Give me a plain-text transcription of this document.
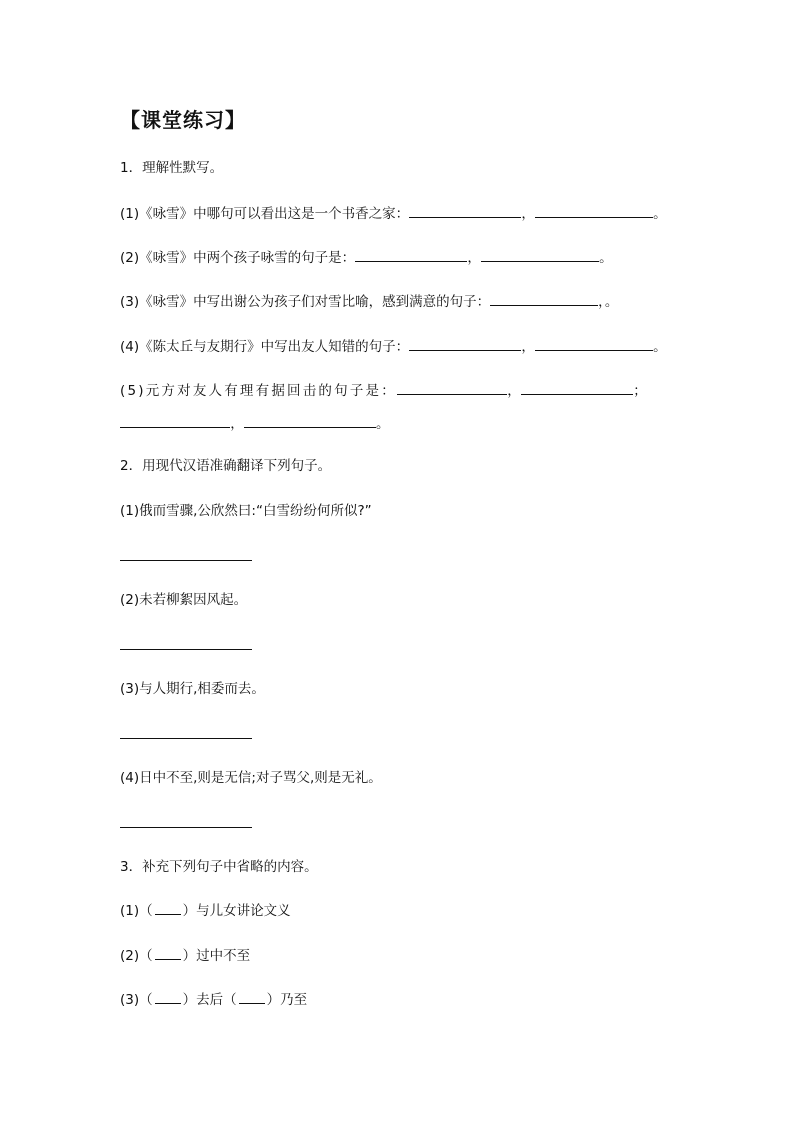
【课堂练习】
1．理解性默写。
(1)《咏雪》中哪句可以看出这是一个书香之家：	，	。
(2)《咏雪》中两个孩子咏雪的句子是：	，	。
(3)《咏雪》中写出谢公为孩子们对雪比喻，感到满意的句子：	，。
(4)《陈太丘与友期行》中写出友人知错的句子：	，	。
(5)元方对友人有理有据回击的句子是：	，	；
，	。
2．用现代汉语准确翻译下列句子。
(1)俄而雪骤,公欣然曰:“白雪纷纷何所似?”
(2)未若柳絮因风起。
(3)与人期行,相委而去。
(4)日中不至,则是无信;对子骂父,则是无礼。
3．补充下列句子中省略的内容。
(1)（ ）与儿女讲论文义
(2)（ ）过中不至
(3)（ ）去后（ ）乃至
